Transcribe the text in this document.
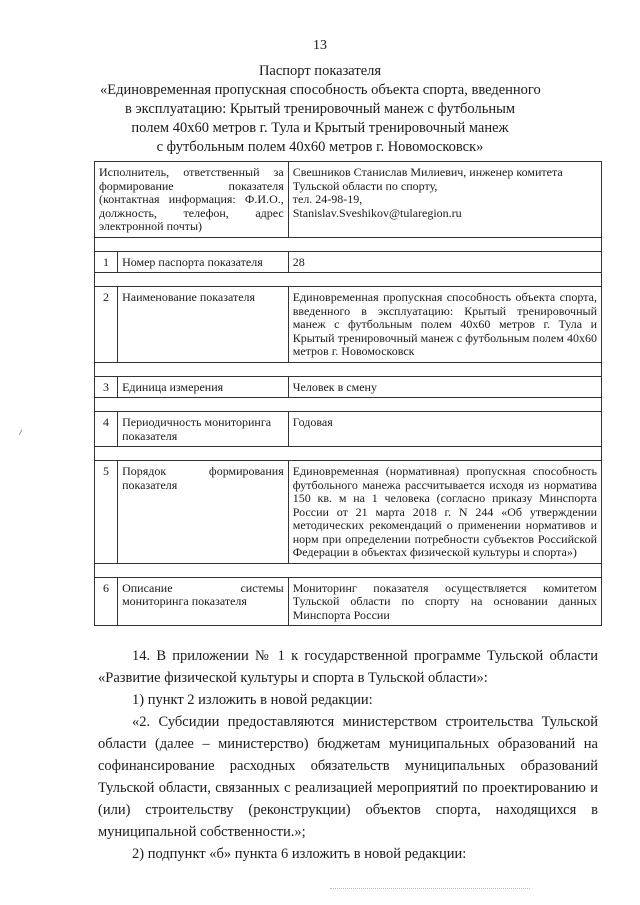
13
Паспорт показателя
«Единовременная пропускная способность объекта спорта, введенного
в эксплуатацию: Крытый тренировочный манеж с футбольным
полем 40х60 метров г. Тула и Крытый тренировочный манеж
с футбольным полем 40х60 метров г. Новомосковск»
Исполнитель, ответственный за формирование показателя (контактная информация: Ф.И.О., должность, телефон, адрес электронной почты)		Свешников Станислав Милиевич, инженер комитета Тульской области по спорту,
тел. 24-98-19,
Stanislav.Sveshikov@tularegion.ru

1	Номер паспорта показателя	28

2	Наименование показателя	Единовременная пропускная способность объекта спорта, введенного в эксплуатацию: Крытый тренировочный манеж с футбольным полем 40х60 метров г. Тула и Крытый тренировочный манеж с футбольным полем 40х60 метров г. Новомосковск

3	Единица измерения	Человек в смену

4	Периодичность мониторинга показателя	Годовая

5	Порядок формирования показателя	Единовременная (нормативная) пропускная способность футбольного манежа рассчитывается исходя из норматива 150 кв. м на 1 человека (согласно приказу Минспорта России от 21 марта 2018 г. N 244 «Об утверждении методических рекомендаций о применении нормативов и норм при определении потребности субъектов Российской Федерации в объектах физической культуры и спорта»)

6	Описание системы мониторинга показателя	Мониторинг показателя осуществляется комитетом Тульской области по спорту на основании данных Минспорта России

14. В приложении № 1 к государственной программе Тульской области «Развитие физической культуры и спорта в Тульской области»:

1) пункт 2 изложить в новой редакции:

«2. Субсидии предоставляются министерством строительства Тульской области (далее – министерство) бюджетам муниципальных образований на софинансирование расходных обязательств муниципальных образований Тульской области, связанных с реализацией мероприятий по проектированию и (или) строительству (реконструкции) объектов спорта, находящихся в муниципальной собственности.»;

2) подпункт «б» пункта 6 изложить в новой редакции:
